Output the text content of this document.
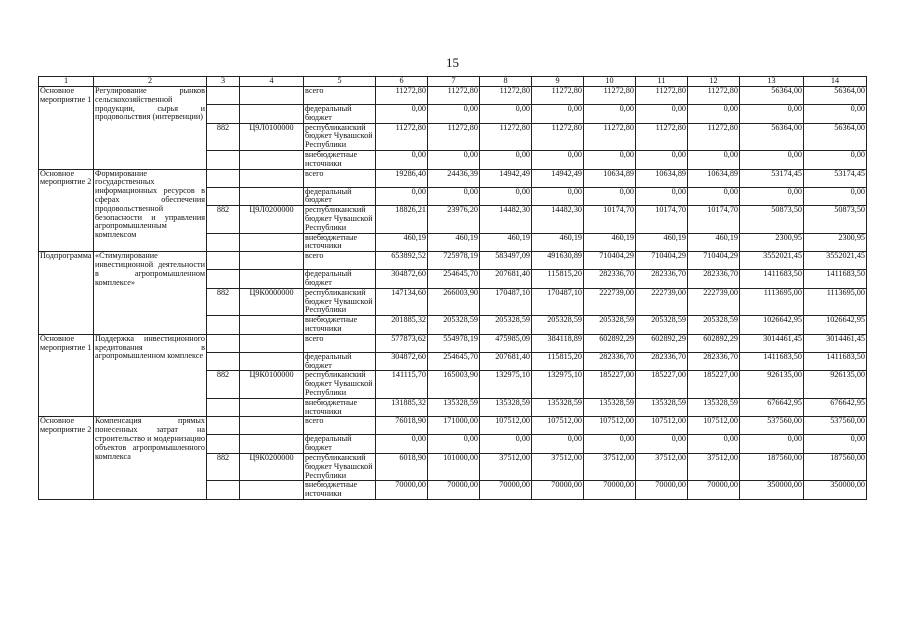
15
1	2	3	4	5	6	7	8	9	10	11	12	13	14
Основное мероприятие 1	Регулирование рынков сельскохозяйственной продукции, сырья и продовольствия (интервенции)			всего	11272,80	11272,80	11272,80	11272,80	11272,80	11272,80	11272,80	56364,00	56364,00
				федеральный бюджет	0,00	0,00	0,00	0,00	0,00	0,00	0,00	0,00	0,00
		882	Ц9Л0100000	республиканский бюджет Чувашской Республики	11272,80	11272,80	11272,80	11272,80	11272,80	11272,80	11272,80	56364,00	56364,00
				внебюджетные источники	0,00	0,00	0,00	0,00	0,00	0,00	0,00	0,00	0,00
Основное мероприятие 2	Формирование государственных информационных ресурсов в сферах обеспечения продовольственной безопасности и управления агропромышленным комплексом			всего	19286,40	24436,39	14942,49	14942,49	10634,89	10634,89	10634,89	53174,45	53174,45
				федеральный бюджет	0,00	0,00	0,00	0,00	0,00	0,00	0,00	0,00	0,00
		882	Ц9Л0200000	республиканский бюджет Чувашской Республики	18826,21	23976,20	14482,30	14482,30	10174,70	10174,70	10174,70	50873,50	50873,50
				внебюджетные источники	460,19	460,19	460,19	460,19	460,19	460,19	460,19	2300,95	2300,95
Подпрограмма	«Стимулирование инвестиционной деятельности в агропромышленном комплексе»			всего	653892,52	725978,19	583497,09	491630,89	710404,29	710404,29	710404,29	3552021,45	3552021,45
				федеральный бюджет	304872,60	254645,70	207681,40	115815,20	282336,70	282336,70	282336,70	1411683,50	1411683,50
		882	Ц9К0000000	республиканский бюджет Чувашской Республики	147134,60	266003,90	170487,10	170487,10	222739,00	222739,00	222739,00	1113695,00	1113695,00
				внебюджетные источники	201885,32	205328,59	205328,59	205328,59	205328,59	205328,59	205328,59	1026642,95	1026642,95
Основное мероприятие 1	Поддержка инвестиционного кредитования в агропромышленном комплексе			всего	577873,62	554978,19	475985,09	384118,89	602892,29	602892,29	602892,29	3014461,45	3014461,45
				федеральный бюджет	304872,60	254645,70	207681,40	115815,20	282336,70	282336,70	282336,70	1411683,50	1411683,50
		882	Ц9К0100000	республиканский бюджет Чувашской Республики	141115,70	165003,90	132975,10	132975,10	185227,00	185227,00	185227,00	926135,00	926135,00
				внебюджетные источники	131885,32	135328,59	135328,59	135328,59	135328,59	135328,59	135328,59	676642,95	676642,95
Основное мероприятие 2	Компенсация прямых понесенных затрат на строительство и модернизацию объектов агропромышленного комплекса			всего	76018,90	171000,00	107512,00	107512,00	107512,00	107512,00	107512,00	537560,00	537560,00
				федеральный бюджет	0,00	0,00	0,00	0,00	0,00	0,00	0,00	0,00	0,00
		882	Ц9К0200000	республиканский бюджет Чувашской Республики	6018,90	101000,00	37512,00	37512,00	37512,00	37512,00	37512,00	187560,00	187560,00
				внебюджетные источники	70000,00	70000,00	70000,00	70000,00	70000,00	70000,00	70000,00	350000,00	350000,00
